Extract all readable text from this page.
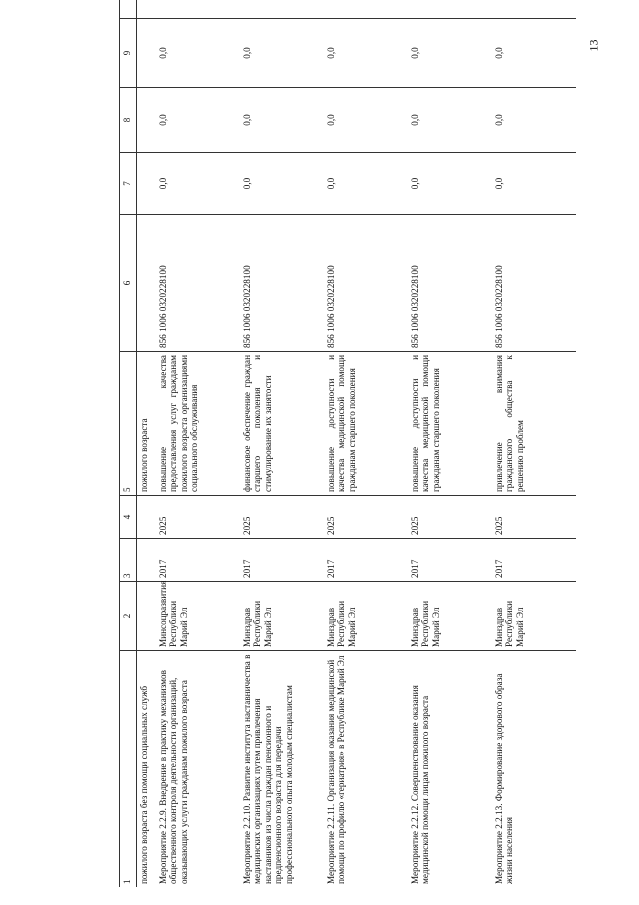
13
1	2	3	4	5	6	7	8	9	
пожилого возраста без помощи социальных служб				пожилого возраста					
Мероприятие 2.2.9. Внедрение в практику механизмов общественного контроля деятельности организаций, оказывающих услуги гражданам пожилого возраста	Минсоцразвития Республики Марий Эл	2017	2025	повышение качества предоставления услуг гражданам пожилого возраста организациями социального обслуживания	856 1006 0320228100	0,0	0,0	0,0	
Мероприятие 2.2.10. Развитие института наставничества в медицинских организациях путем привлечения наставников из числа граждан пенсионного и предпенсионного возраста для передачи профессионального опыта молодым специалистам	Минздрав Республики Марий Эл	2017	2025	финансовое обеспечение граждан старшего поколения и стимулирование их занятости	856 1006 0320228100	0,0	0,0	0,0	
Мероприятие 2.2.11. Организация оказания медицинской помощи по профилю «гериатрия» в Республике Марий Эл	Минздрав Республики Марий Эл	2017	2025	повышение доступности и качества медицинской помощи гражданам старшего поколения	856 1006 0320228100	0,0	0,0	0,0	
Мероприятие 2.2.12. Совершенствование оказания медицинской помощи лицам пожилого возраста	Минздрав Республики Марий Эл	2017	2025	повышение доступности и качества медицинской помощи гражданам старшего поколения	856 1006 0320228100	0,0	0,0	0,0	
Мероприятие 2.2.13. Формирование здорового образа жизни населения	Минздрав Республики Марий Эл	2017	2025	привлечение внимания гражданского общества к решению проблем	856 1006 0320228100	0,0	0,0	0,0	
